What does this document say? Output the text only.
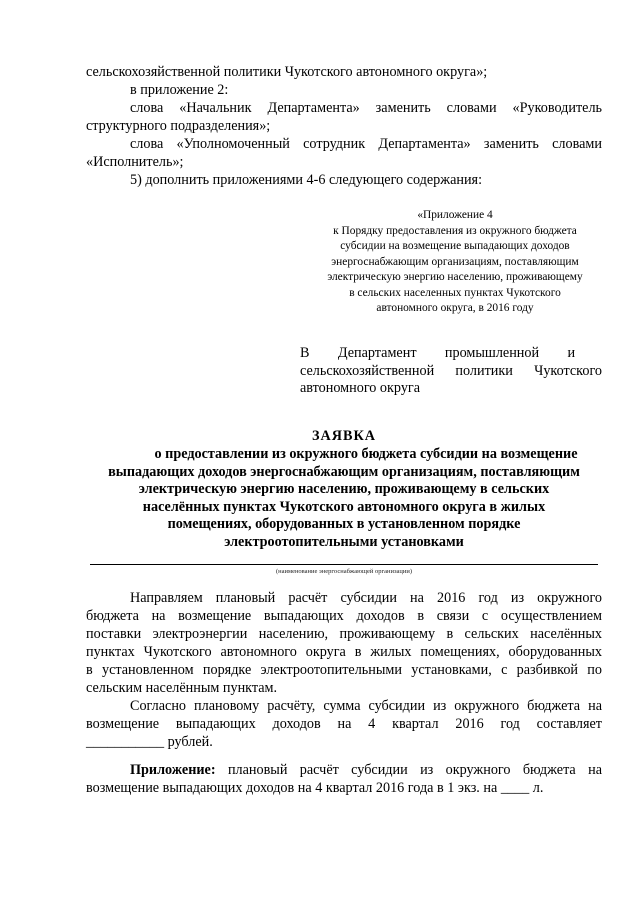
сельскохозяйственной политики Чукотского автономного округа»;
в приложение 2:
слова «Начальник Департамента» заменить словами «Руководитель
структурного подразделения»;
слова «Уполномоченный сотрудник Департамента» заменить словами
«Исполнитель»;
5) дополнить приложениями 4-6 следующего содержания:
«Приложение 4
к Порядку предоставления из окружного бюджета
субсидии на возмещение выпадающих доходов
энергоснабжающим организациям, поставляющим
электрическую энергию населению, проживающему
в сельских населенных пунктах Чукотского
автономного округа, в 2016 году
В        Департамент        промышленной        и
сельскохозяйственной политики Чукотского
автономного округа
ЗАЯВКА
о предоставлении из окружного бюджета субсидии на возмещение
выпадающих доходов энергоснабжающим организациям, поставляющим
электрическую энергию населению, проживающему в сельских
населённых пунктах Чукотского автономного округа в жилых
помещениях, оборудованных в установленном порядке
электроотопительными установками
(наименование энергоснабжающей организации)
Направляем плановый расчёт субсидии на 2016 год из окружного
бюджета на возмещение выпадающих доходов в связи с осуществлением
поставки электроэнергии населению, проживающему в сельских населённых
пунктах Чукотского автономного округа в жилых помещениях, оборудованных
в установленном порядке электроотопительными установками, с разбивкой по
сельским населённым пунктам.
Согласно плановому расчёту, сумма субсидии из окружного бюджета на
возмещение выпадающих доходов на 4 квартал 2016 год составляет
___________ рублей.
Приложение: плановый расчёт субсидии из окружного бюджета на
возмещение выпадающих доходов на 4 квартал 2016 года в 1 экз. на ____ л.
